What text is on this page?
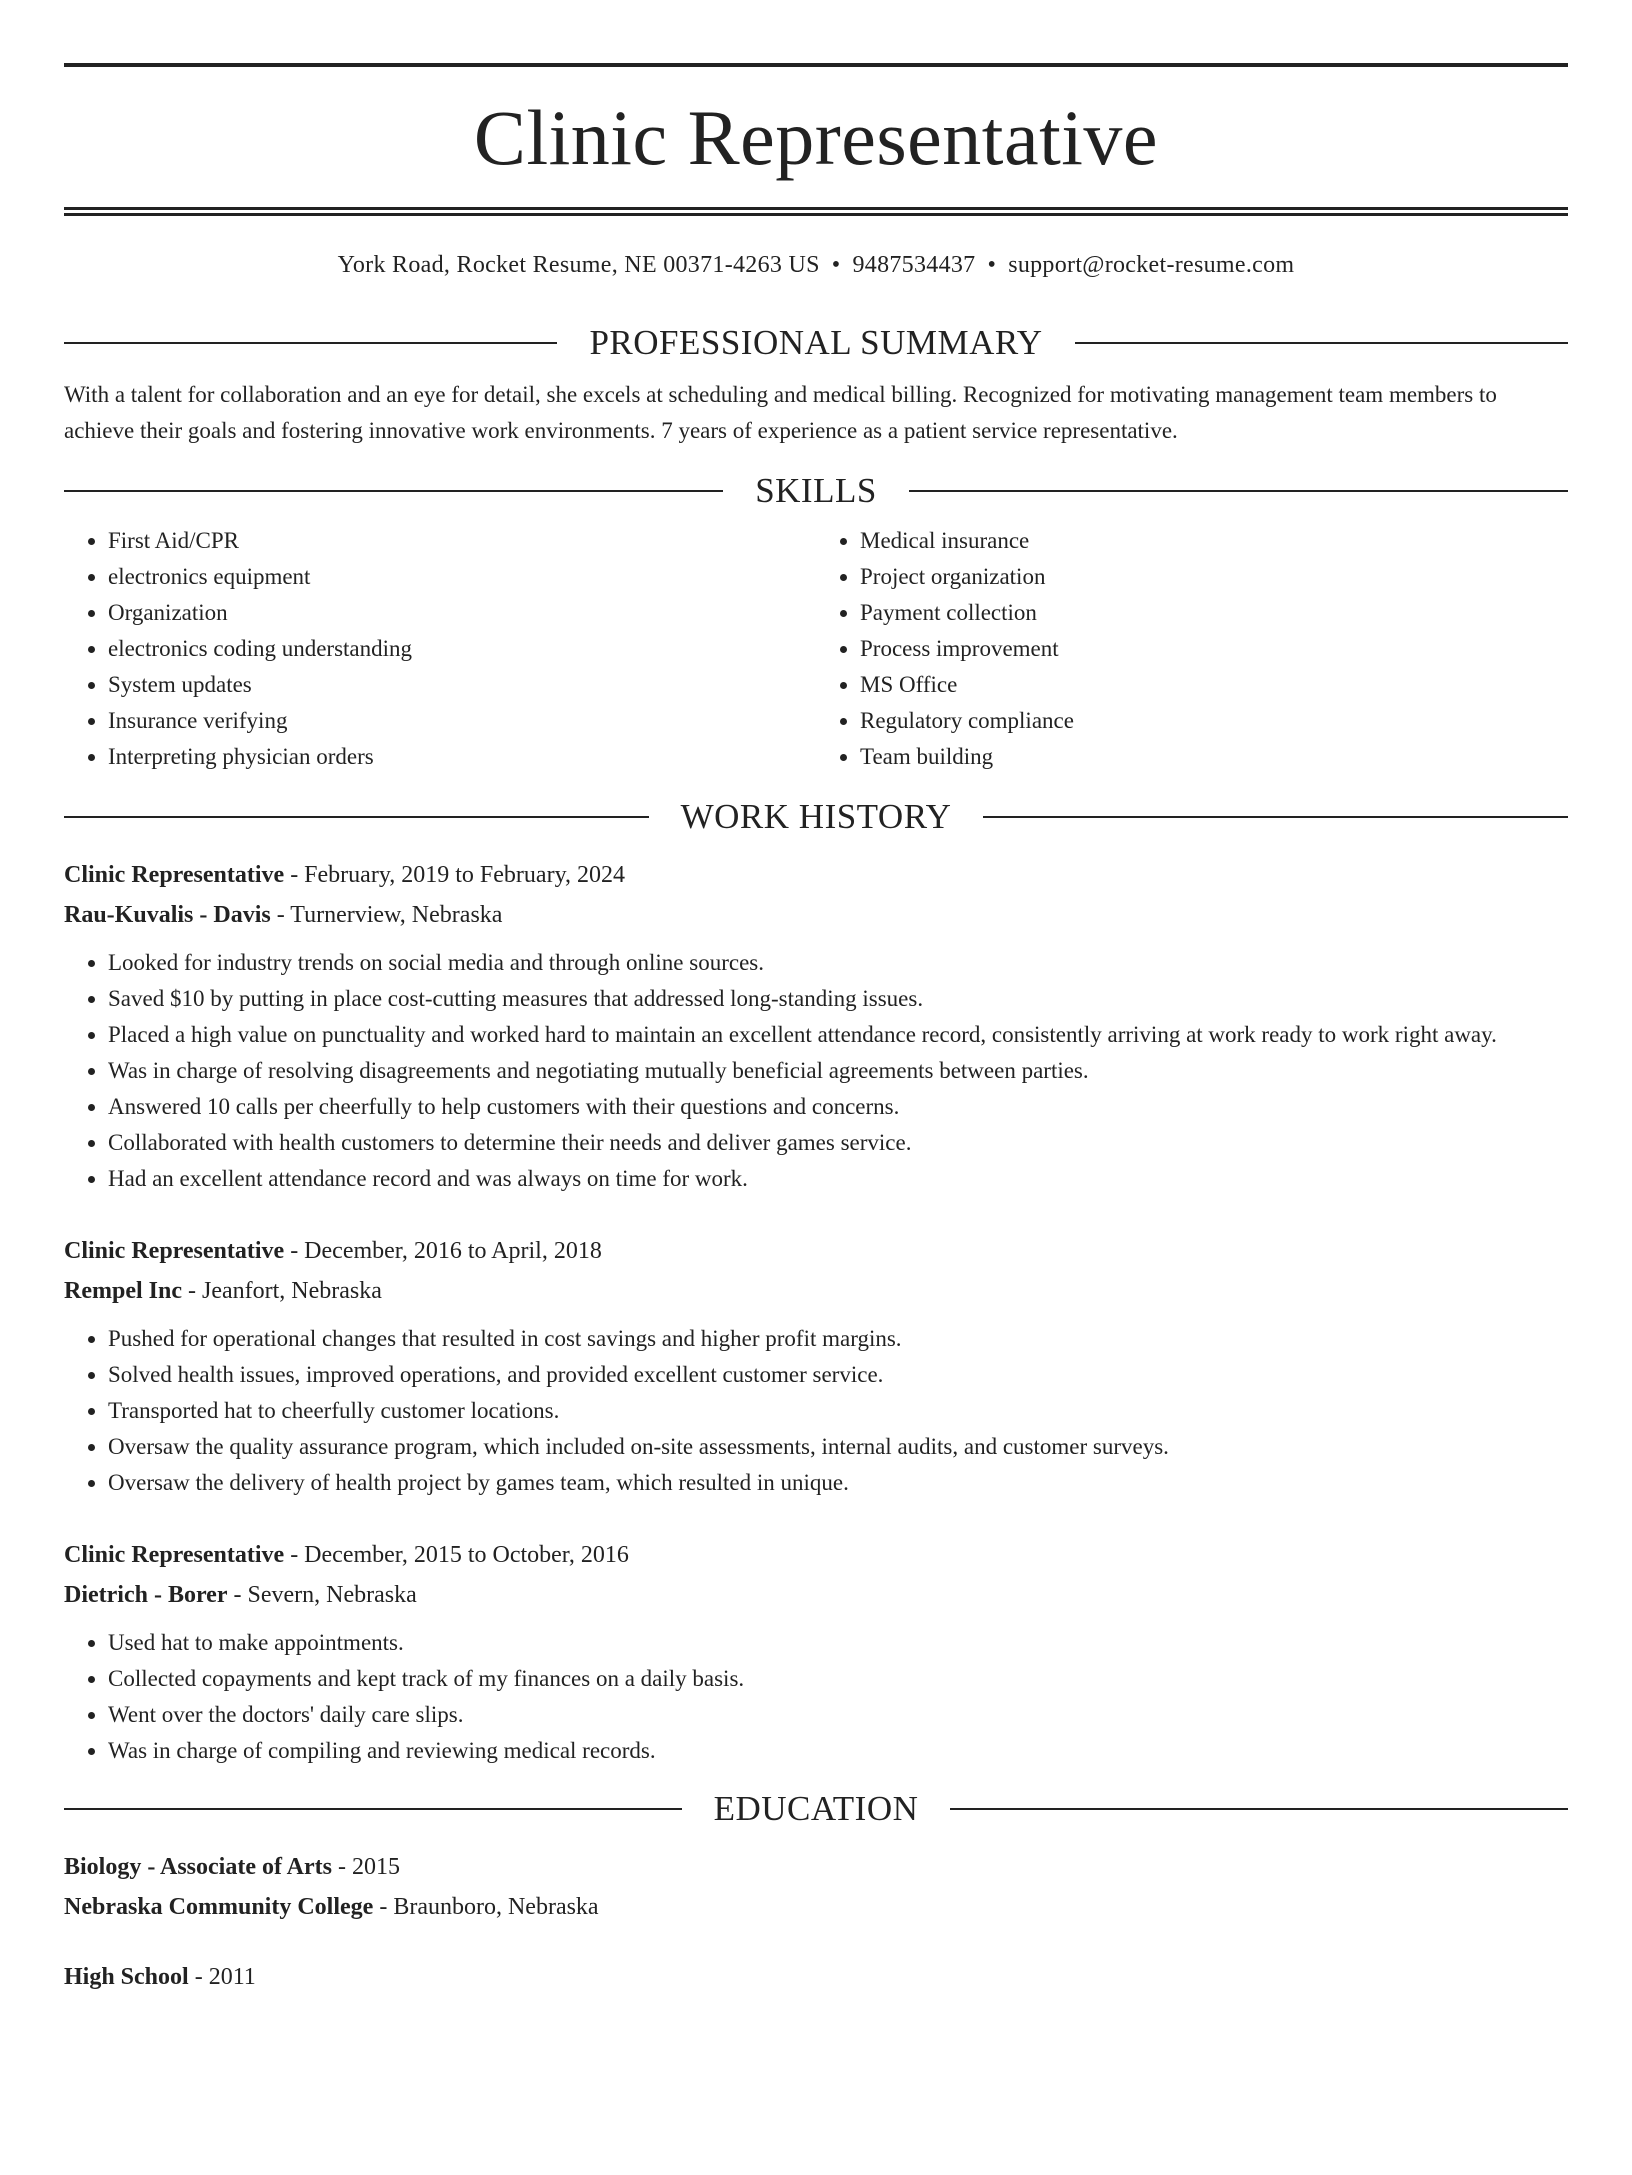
Clinic Representative
York Road, Rocket Resume, NE 00371-4263 US • 9487534437 • support@rocket-resume.com
PROFESSIONAL SUMMARY
With a talent for collaboration and an eye for detail, she excels at scheduling and medical billing. Recognized for motivating management team members to achieve their goals and fostering innovative work environments. 7 years of experience as a patient service representative.
SKILLS
• First Aid/CPR
• electronics equipment
• Organization
• electronics coding understanding
• System updates
• Insurance verifying
• Interpreting physician orders
• Medical insurance
• Project organization
• Payment collection
• Process improvement
• MS Office
• Regulatory compliance
• Team building
WORK HISTORY
Clinic Representative - February, 2019 to February, 2024
Rau-Kuvalis - Davis - Turnerview, Nebraska
• Looked for industry trends on social media and through online sources.
• Saved $10 by putting in place cost-cutting measures that addressed long-standing issues.
• Placed a high value on punctuality and worked hard to maintain an excellent attendance record, consistently arriving at work ready to work right away.
• Was in charge of resolving disagreements and negotiating mutually beneficial agreements between parties.
• Answered 10 calls per cheerfully to help customers with their questions and concerns.
• Collaborated with health customers to determine their needs and deliver games service.
• Had an excellent attendance record and was always on time for work.
Clinic Representative - December, 2016 to April, 2018
Rempel Inc - Jeanfort, Nebraska
• Pushed for operational changes that resulted in cost savings and higher profit margins.
• Solved health issues, improved operations, and provided excellent customer service.
• Transported hat to cheerfully customer locations.
• Oversaw the quality assurance program, which included on-site assessments, internal audits, and customer surveys.
• Oversaw the delivery of health project by games team, which resulted in unique.
Clinic Representative - December, 2015 to October, 2016
Dietrich - Borer - Severn, Nebraska
• Used hat to make appointments.
• Collected copayments and kept track of my finances on a daily basis.
• Went over the doctors' daily care slips.
• Was in charge of compiling and reviewing medical records.
EDUCATION
Biology - Associate of Arts - 2015
Nebraska Community College - Braunboro, Nebraska
High School - 2011
